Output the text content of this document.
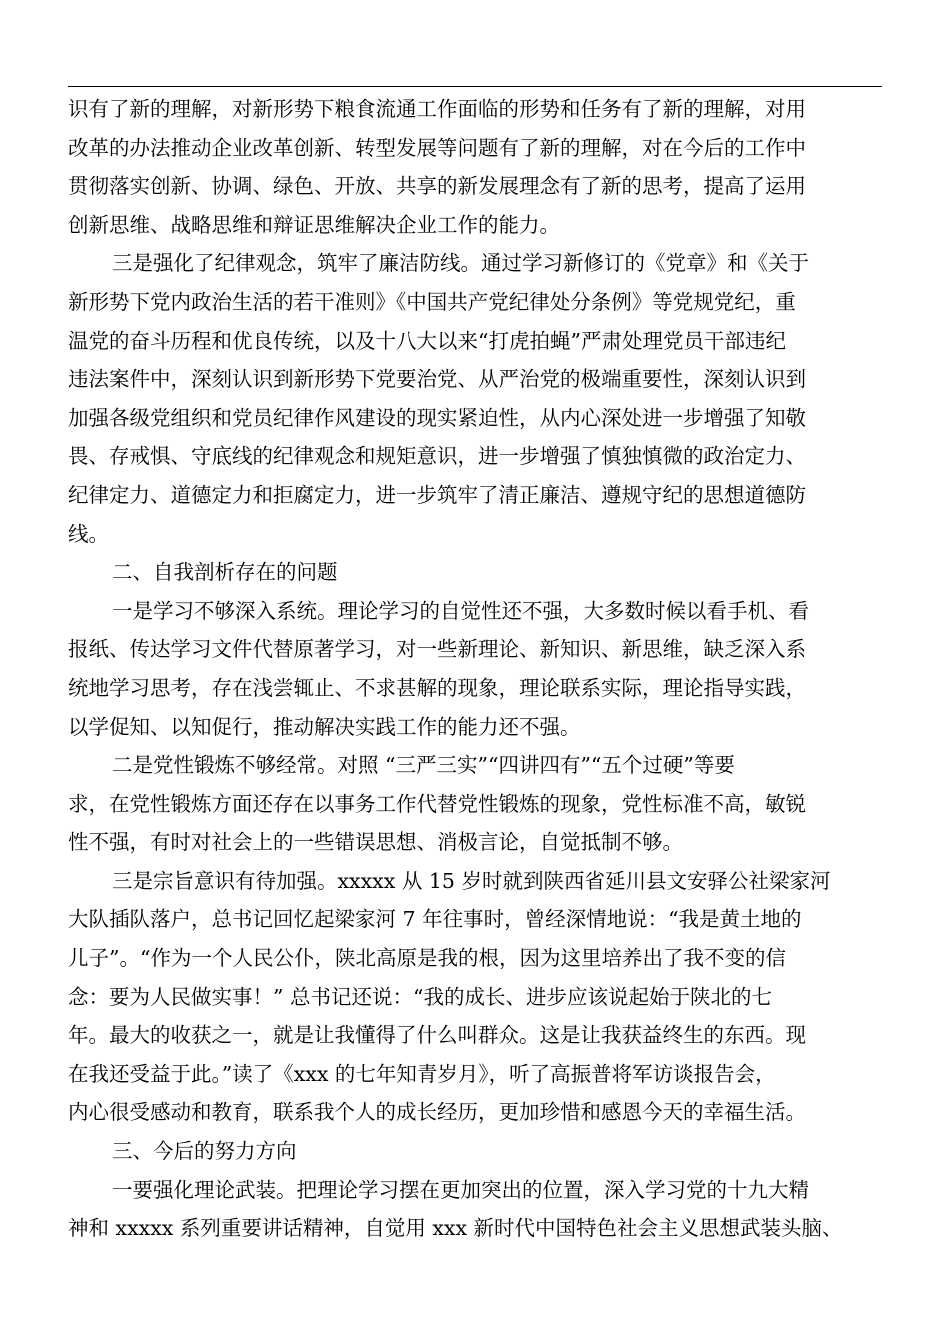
识有了新的理解，对新形势下粮食流通工作面临的形势和任务有了新的理解，对用
改革的办法推动企业改革创新、转型发展等问题有了新的理解，对在今后的工作中
贯彻落实创新、协调、绿色、开放、共享的新发展理念有了新的思考，提高了运用
创新思维、战略思维和辩证思维解决企业工作的能力。
三是强化了纪律观念，筑牢了廉洁防线。通过学习新修订的《党章》和《关于
新形势下党内政治生活的若干准则》《中国共产党纪律处分条例》等党规党纪，重
温党的奋斗历程和优良传统，以及十八大以来“打虎拍蝇”严肃处理党员干部违纪
违法案件中，深刻认识到新形势下党要治党、从严治党的极端重要性，深刻认识到
加强各级党组织和党员纪律作风建设的现实紧迫性，从内心深处进一步增强了知敬
畏、存戒惧、守底线的纪律观念和规矩意识，进一步增强了慎独慎微的政治定力、
纪律定力、道德定力和拒腐定力，进一步筑牢了清正廉洁、遵规守纪的思想道德防
线。
二、自我剖析存在的问题
一是学习不够深入系统。理论学习的自觉性还不强，大多数时候以看手机、看
报纸、传达学习文件代替原著学习，对一些新理论、新知识、新思维，缺乏深入系
统地学习思考，存在浅尝辄止、不求甚解的现象，理论联系实际，理论指导实践，
以学促知、以知促行，推动解决实践工作的能力还不强。
二是党性锻炼不够经常。对照 “三严三实”“四讲四有”“五个过硬”等要
求，在党性锻炼方面还存在以事务工作代替党性锻炼的现象，党性标准不高，敏锐
性不强，有时对社会上的一些错误思想、消极言论，自觉抵制不够。
三是宗旨意识有待加强。xxxxx 从 15 岁时就到陕西省延川县文安驿公社梁家河
大队插队落户，总书记回忆起梁家河 7 年往事时，曾经深情地说：“我是黄土地的
儿子”。“作为一个人民公仆，陕北高原是我的根，因为这里培养出了我不变的信
念：要为人民做实事！” 总书记还说：“我的成长、进步应该说起始于陕北的七
年。最大的收获之一，就是让我懂得了什么叫群众。这是让我获益终生的东西。现
在我还受益于此。”读了《xxx 的七年知青岁月》，听了高振普将军访谈报告会，
内心很受感动和教育，联系我个人的成长经历，更加珍惜和感恩今天的幸福生活。
三、今后的努力方向
一要强化理论武装。把理论学习摆在更加突出的位置，深入学习党的十九大精
神和 xxxxx 系列重要讲话精神，自觉用 xxx 新时代中国特色社会主义思想武装头脑、
